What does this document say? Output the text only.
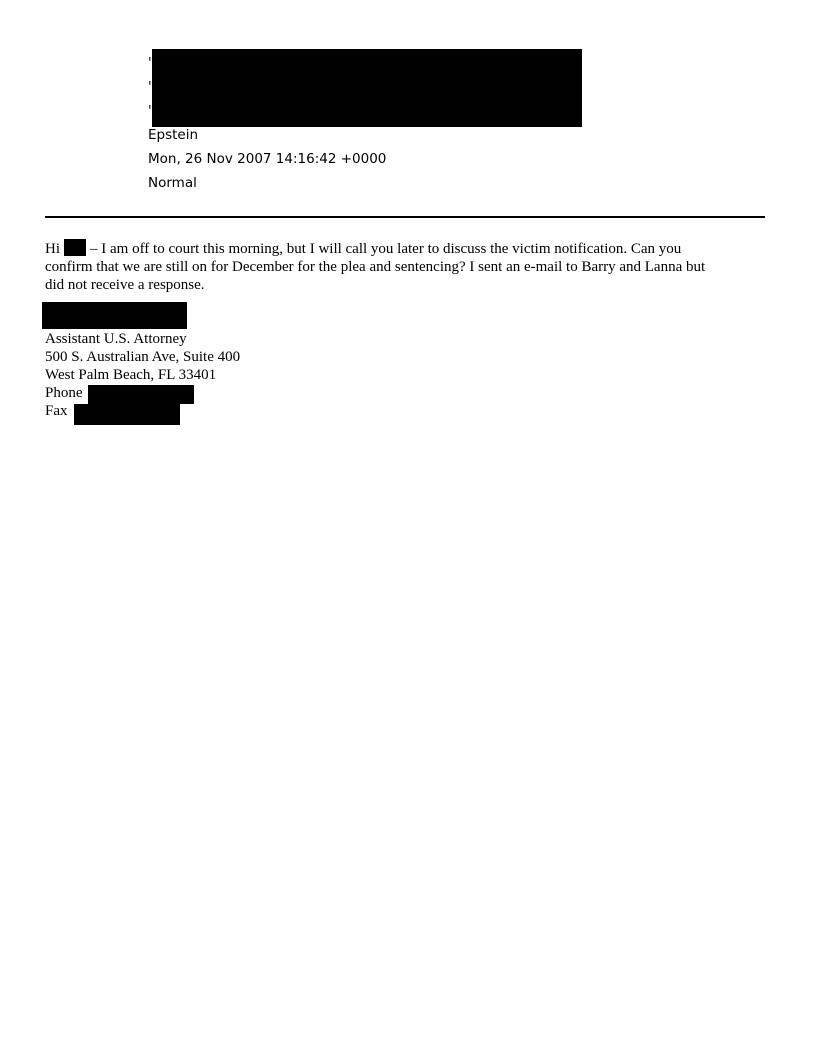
'
'
'
Epstein
Mon, 26 Nov 2007 14:16:42 +0000
Normal

Hi – I am off to court this morning, but I will call you later to discuss the victim notification. Can you

confirm that we are still on for December for the plea and sentencing? I sent an e-mail to Barry and Lanna but

did not receive a response.

Assistant U.S. Attorney
500 S. Australian Ave, Suite 400
West Palm Beach, FL 33401
Phone
Fax
